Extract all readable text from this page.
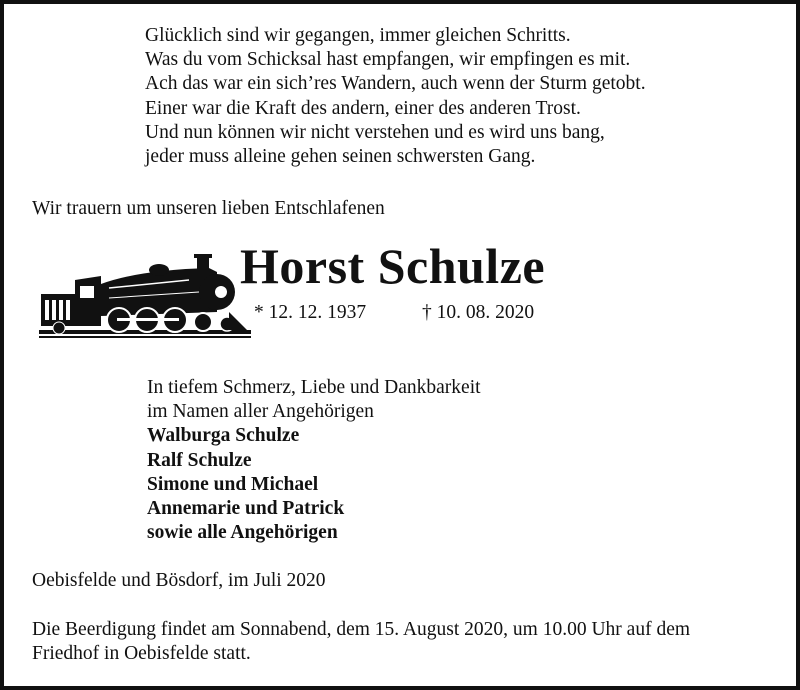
Glücklich sind wir gegangen, immer gleichen Schritts.
Was du vom Schicksal hast empfangen, wir empfingen es mit.
Ach das war ein sich’res Wandern, auch wenn der Sturm getobt.
Einer war die Kraft des andern, einer des anderen Trost.
Und nun können wir nicht verstehen und es wird uns bang,
jeder muss alleine gehen seinen schwersten Gang.
Wir trauern um unseren lieben Entschlafenen
Horst Schulze
* 12. 12. 1937	† 10. 08. 2020
In tiefem Schmerz, Liebe und Dankbarkeit
im Namen aller Angehörigen
Walburga Schulze
Ralf Schulze
Simone und Michael
Annemarie und Patrick
sowie alle Angehörigen
Oebisfelde und Bösdorf, im Juli 2020
Die Beerdigung findet am Sonnabend, dem 15. August 2020, um 10.00 Uhr auf dem
Friedhof in Oebisfelde statt.
